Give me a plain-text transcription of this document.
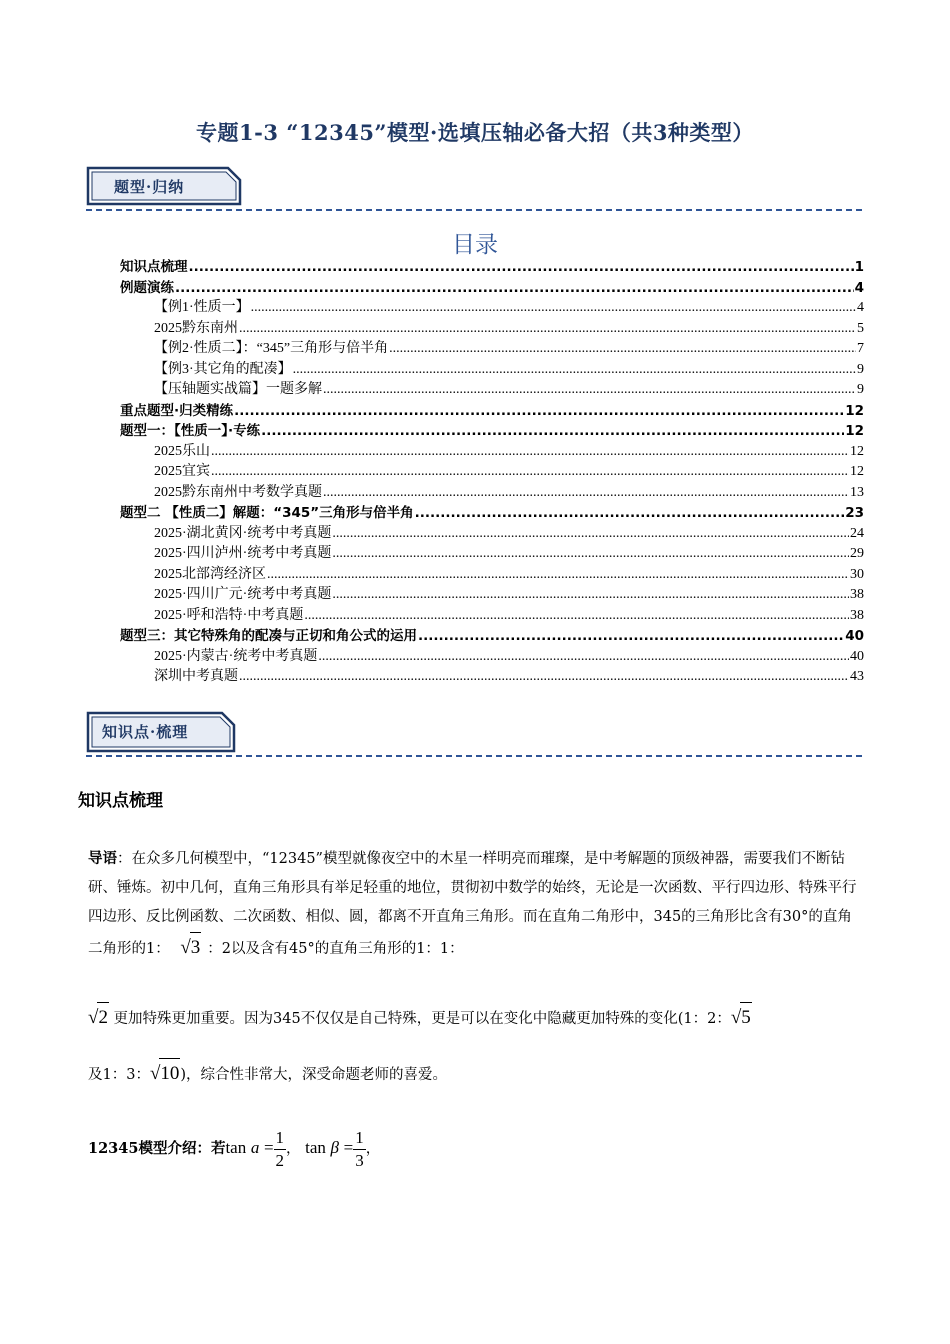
专题1-3 “12345”模型·选填压轴必备大招（共3种类型）
题型·归纳
目录
知识点梳理 .....	1
例题演练 .....	4
【例1·性质一】 .....	4
2025黔东南州 .....	5
【例2·性质二】：“345”三角形与倍半角 .....	7
【例3·其它角的配凑】 .....	9
【压轴题实战篇】一题多解 .....	9
重点题型·归类精练 .....	12
题型一：【性质一】·专练 .....	12
2025乐山 .....	12
2025宜宾 .....	12
2025黔东南州中考数学真题 .....	13
题型二 【性质二】解题：“345”三角形与倍半角 .....	23
2025·湖北黄冈·统考中考真题 .....	24
2025·四川泸州·统考中考真题 .....	29
2025北部湾经济区 .....	30
2025·四川广元·统考中考真题 .....	38
2025·呼和浩特·中考真题 .....	38
题型三：其它特殊角的配凑与正切和角公式的运用 .....	40
2025·内蒙古·统考中考真题 .....	40
深圳中考真题 .....	43
知识点·梳理
知识点梳理
导语：在众多几何模型中，“12345”模型就像夜空中的木星一样明亮而璀璨，是中考解题的顶级神器，需要我们不断钻研、锤炼。初中几何，直角三角形具有举足轻重的地位，贯彻初中数学的始终，无论是一次函数、平行四边形、特殊平行四边形、反比例函数、二次函数、相似、圆，都离不开直角三角形。而在直角二角形中，345的三角形比含有30°的直角二角形的1： √3 ：2以及含有45°的直角三角形的1：1：
√2 更加特殊更加重要。因为345不仅仅是自己特殊，更是可以在变化中隐藏更加特殊的变化(1：2：√5
及1：3：√10)，综合性非常大，深受命题老师的喜爱。
12345模型介绍：若$\tan a = \frac{1}{2}$ ， $\tan \beta = \frac{1}{3}$ ，
